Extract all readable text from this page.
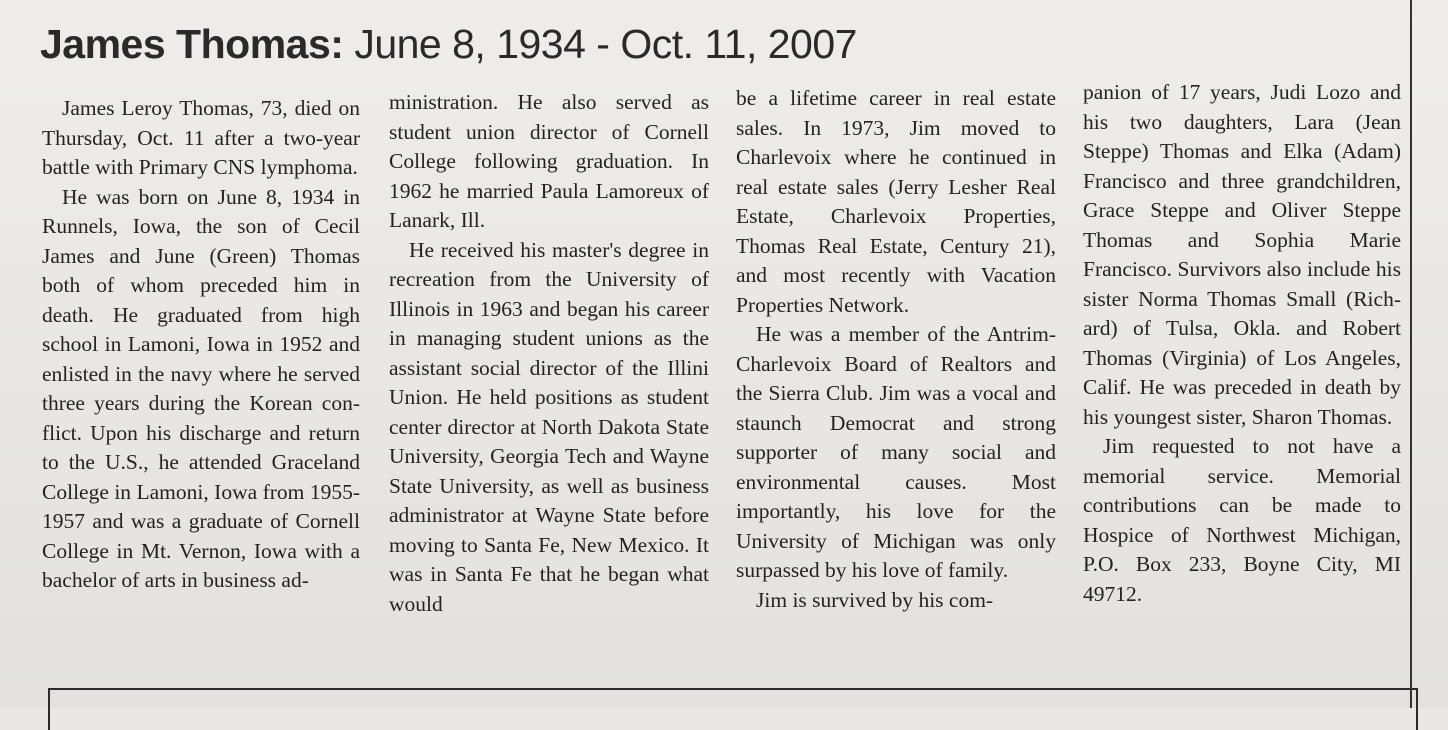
James Thomas: June 8, 1934 - Oct. 11, 2007

James Leroy Thomas, 73, died on Thursday, Oct. 11 after a two-year battle with Primary CNS lymphoma.

He was born on June 8, 1934 in Runnels, Iowa, the son of Cecil James and June (Green) Thomas both of whom preceded him in death. He graduated from high school in Lamoni, Iowa in 1952 and enlisted in the navy where he served three years during the Korean conflict. Upon his discharge and return to the U.S., he attended Graceland College in Lamoni, Iowa from 1955-1957 and was a graduate of Cornell College in Mt. Vernon, Iowa with a bachelor of arts in business ad-

ministration. He also served as student union director of Cornell College following graduation. In 1962 he married Paula Lamoreux of Lanark, Ill.

He received his master's degree in recreation from the University of Illinois in 1963 and began his career in managing student unions as the assistant social director of the Illini Union. He held positions as student center director at North Dakota State University, Georgia Tech and Wayne State University, as well as business administrator at Wayne State before moving to Santa Fe, New Mexico. It was in Santa Fe that he began what would

be a lifetime career in real estate sales. In 1973, Jim moved to Charlevoix where he continued in real estate sales (Jerry Lesher Real Estate, Charlevoix Properties, Thomas Real Estate, Century 21), and most recently with Vacation Properties Network.

He was a member of the Antrim-Charlevoix Board of Realtors and the Sierra Club. Jim was a vocal and staunch Democrat and strong supporter of many social and environmental causes. Most importantly, his love for the University of Michigan was only surpassed by his love of family.

Jim is survived by his com-

panion of 17 years, Judi Lozo and his two daughters, Lara (Jean Steppe) Thomas and Elka (Adam) Francisco and three grandchildren, Grace Steppe and Oliver Steppe Thomas and Sophia Marie Francisco. Survivors also include his sister Norma Thomas Small (Richard) of Tulsa, Okla. and Robert Thomas (Virginia) of Los Angeles, Calif. He was preceded in death by his youngest sister, Sharon Thomas.

Jim requested to not have a memorial service. Memorial contributions can be made to Hospice of Northwest Michigan, P.O. Box 233, Boyne City, MI 49712.
